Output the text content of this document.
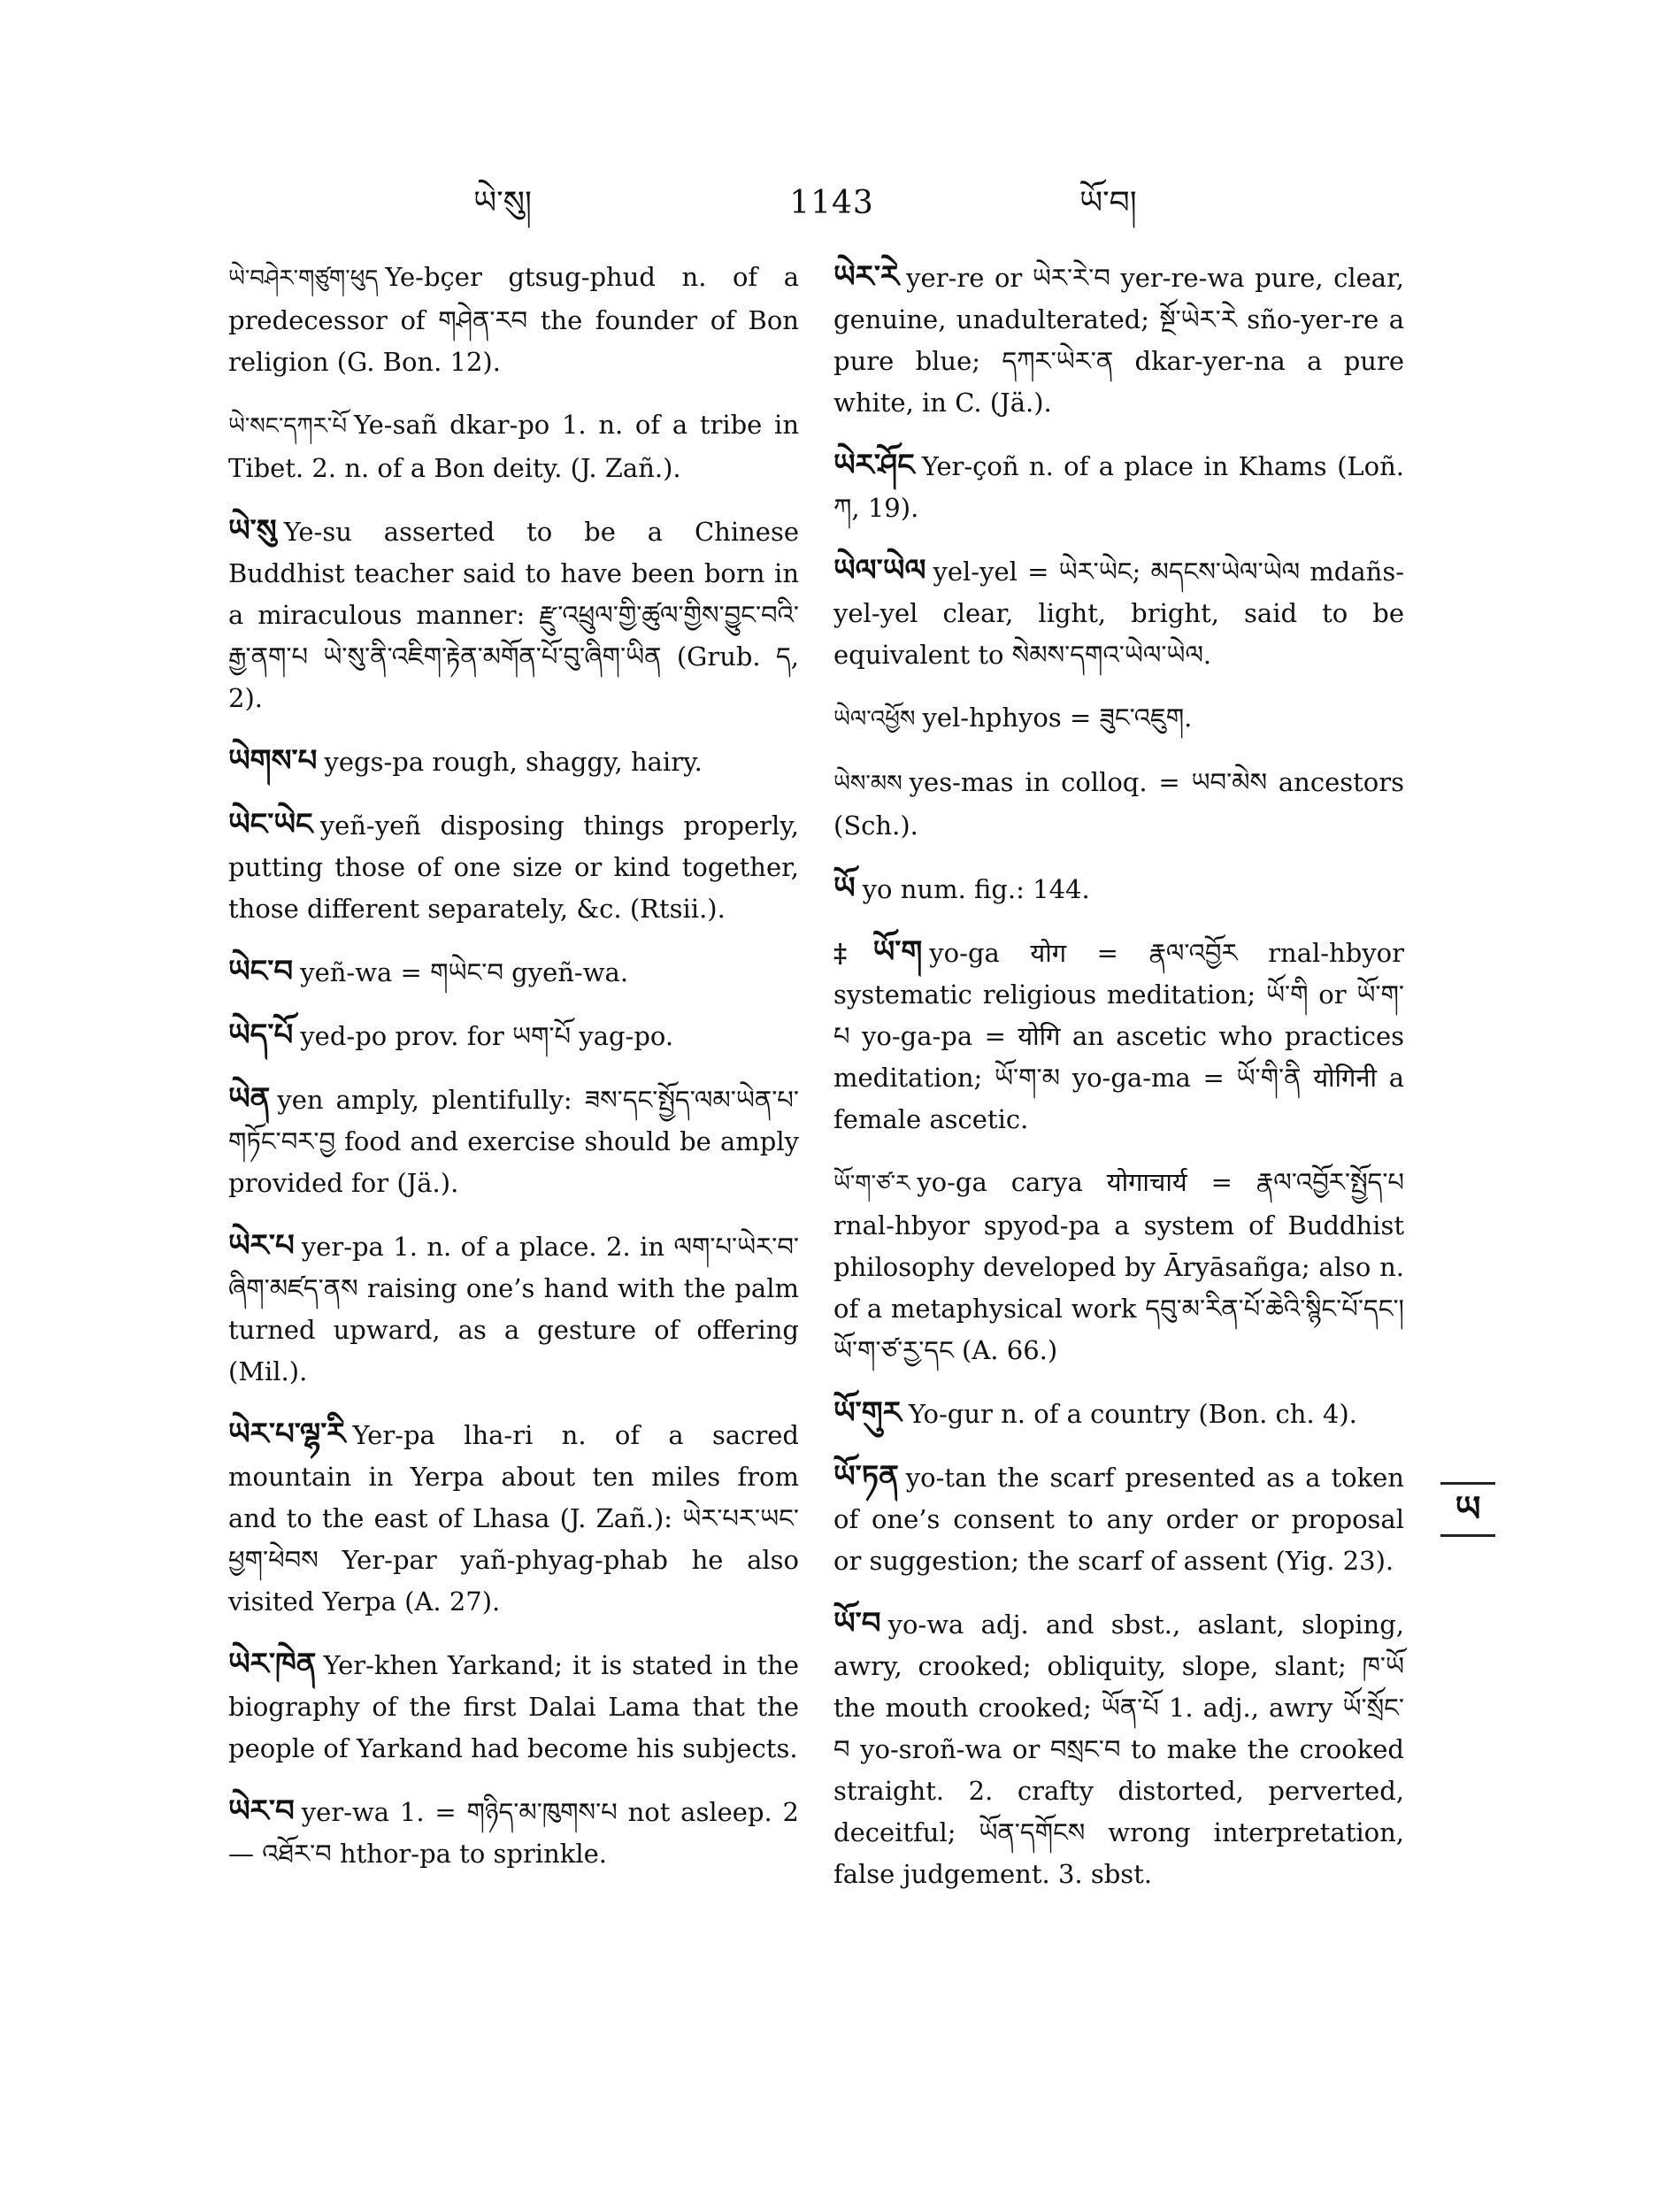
ཡེ་སུ།	1143	ཡོ་བ།

ཡེ་བཤེར་གཙུག་ཕུད Ye-bçer gtsug-phud n. of a predecessor of གཤེན་རབ the founder of Bon religion (G. Bon. 12).

ཡེ་སང་དཀར་པོ Ye-sañ dkar-po 1. n. of a tribe in Tibet. 2. n. of a Bon deity. (J. Zañ.).

ཡེ་སུ Ye-su asserted to be a Chinese Buddhist teacher said to have been born in a miraculous manner: རྫུ་འཕྲུལ་གྱི་ཚུལ་གྱིས་བྱུང་བའི་རྒྱ་ནག་པ ཡེ་སུ་ནི་འཇིག་རྟེན་མགོན་པོ་བུ་ཞིག་ཡིན (Grub. ད, 2).

ཡེགས་པ yegs-pa rough, shaggy, hairy.

ཡེང་ཡེང yeñ-yeñ disposing things properly, putting those of one size or kind together, those different separately, &c. (Rtsii.).

ཡེང་བ yeñ-wa = གཡེང་བ gyeñ-wa.

ཡེད་པོ yed-po prov. for ཡག་པོ yag-po.

ཡེན yen amply, plentifully: ཟས་དང་སྤྱོད་ལམ་ཡེན་པ་གཏོང་བར་བྱ food and exercise should be amply provided for (Jä.).

ཡེར་པ yer-pa 1. n. of a place. 2. in ལག་པ་ཡེར་བ་ཞིག་མཛད་ནས raising one’s hand with the palm turned upward, as a gesture of offering (Mil.).

ཡེར་པ་ལྷ་རི Yer-pa lha-ri n. of a sacred mountain in Yerpa about ten miles from and to the east of Lhasa (J. Zañ.): ཡེར་པར་ཡང་ཕྱག་ཕེབས Yer-par yañ-phyag-phab he also visited Yerpa (A. 27).

ཡེར་ཁེན Yer-khen Yarkand; it is stated in the biography of the first Dalai Lama that the people of Yarkand had become his subjects.

ཡེར་བ yer-wa 1. = གཉིད་མ་ཁུགས་པ not asleep. 2 — འཐོར་བ hthor-pa to sprinkle.

ཡེར་རེ yer-re or ཡེར་རེ་བ yer-re-wa pure, clear, genuine, unadulterated; སྔོ་ཡེར་རེ sño-yer-re a pure blue; དཀར་ཡེར་ན dkar-yer-na a pure white, in C. (Jä.).

ཡེར་ཤོང Yer-çoñ n. of a place in Khams (Loñ. ཀ, 19).

ཡེལ་ཡེལ yel-yel = ཡེར་ཡེང; མདངས་ཡེལ་ཡེལ mdañs-yel-yel clear, light, bright, said to be equivalent to སེམས་དགའ་ཡེལ་ཡེལ.

ཡེལ་འཕྱོས yel-hphyos = ཟུང་འཇུག.

ཡེས་མས yes-mas in colloq. = ཡབ་མེས ancestors (Sch.).

ཡོ yo num. fig.: 144.

‡ ཡོ་ག yo-ga योग = རྣལ་འབྱོར rnal-hbyor systematic religious meditation; ཡོ་གི or ཡོ་ག་པ yo-ga-pa = योगि an ascetic who practices meditation; ཡོ་ག་མ yo-ga-ma = ཡོ་གི་ནི योगिनी a female ascetic.

ཡོ་ག་ཙ་ར yo-ga carya योगाचार्य = རྣལ་འབྱོར་སྤྱོད་པ rnal-hbyor spyod-pa a system of Buddhist philosophy developed by Āryāsañga; also n. of a metaphysical work དབུ་མ་རིན་པོ་ཆེའི་སྙིང་པོ་དང་། ཡོ་ག་ཙ་རྱ་དང (A. 66.)

ཡོ་གུར Yo-gur n. of a country (Bon. ch. 4).

ཡོ་ཏན yo-tan the scarf presented as a token of one’s consent to any order or proposal or suggestion; the scarf of assent (Yig. 23).

ཡོ་བ yo-wa adj. and sbst., aslant, sloping, awry, crooked; obliquity, slope, slant; ཁ་ཡོ the mouth crooked; ཡོན་པོ 1. adj., awry ཡོ་སྲོང་བ yo-sroñ-wa or བསྲང་བ to make the crooked straight. 2. crafty distorted, perverted, deceitful; ཡོན་དགོངས wrong interpretation, false judgement. 3. sbst.

ཡ
